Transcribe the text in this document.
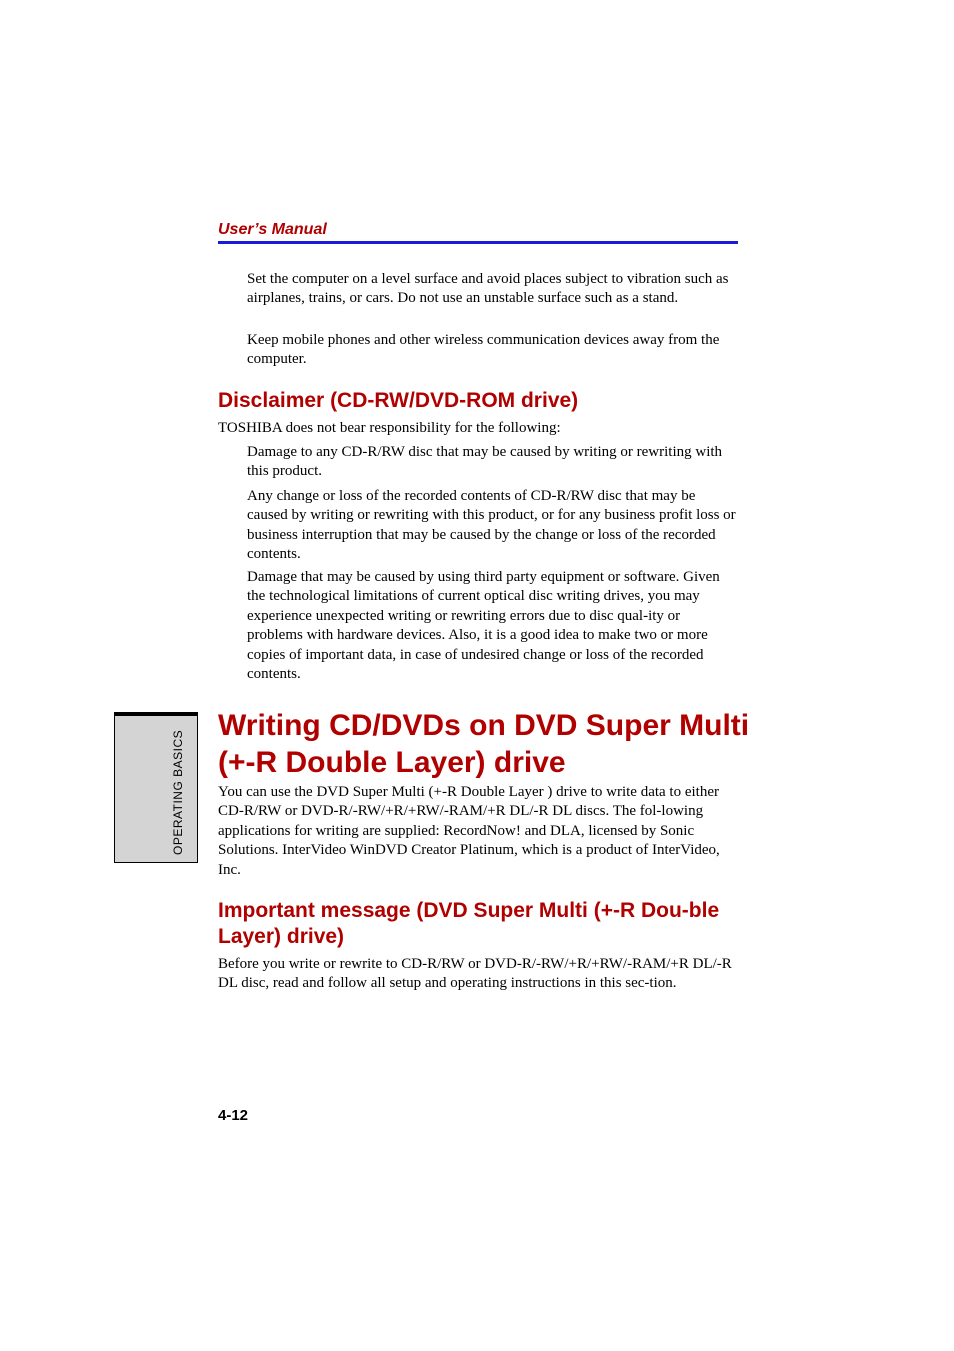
User’s Manual

Set the computer on a level surface and avoid places subject to vibration such as airplanes, trains, or cars. Do not use an unstable surface such as a stand.

Keep mobile phones and other wireless communication devices away from the computer.

Disclaimer (CD-RW/DVD-ROM drive)

TOSHIBA does not bear responsibility for the following:

Damage to any CD-R/RW disc that may be caused by writing or rewriting with this product.

Any change or loss of the recorded contents of CD-R/RW disc that may be caused by writing or rewriting with this product, or for any business profit loss or business interruption that may be caused by the change or loss of the recorded contents.

Damage that may be caused by using third party equipment or software. Given the technological limitations of current optical disc writing drives, you may experience unexpected writing or rewriting errors due to disc qual-ity or problems with hardware devices. Also, it is a good idea to make two or more copies of important data, in case of undesired change or loss of the recorded contents.

OPERATING BASICS
Writing CD/DVDs on DVD Super Multi (+-R Double Layer) drive

You can use the DVD Super Multi (+-R Double Layer ) drive to write data to either CD-R/RW or DVD-R/-RW/+R/+RW/-RAM/+R DL/-R DL discs. The fol-lowing applications for writing are supplied: RecordNow! and DLA, licensed by Sonic Solutions. InterVideo WinDVD Creator Platinum, which is a product of InterVideo, Inc.

Important message (DVD Super Multi (+-R Dou-ble Layer) drive)

Before you write or rewrite to CD-R/RW or DVD-R/-RW/+R/+RW/-RAM/+R DL/-R DL disc, read and follow all setup and operating instructions in this sec-tion.

4-12
